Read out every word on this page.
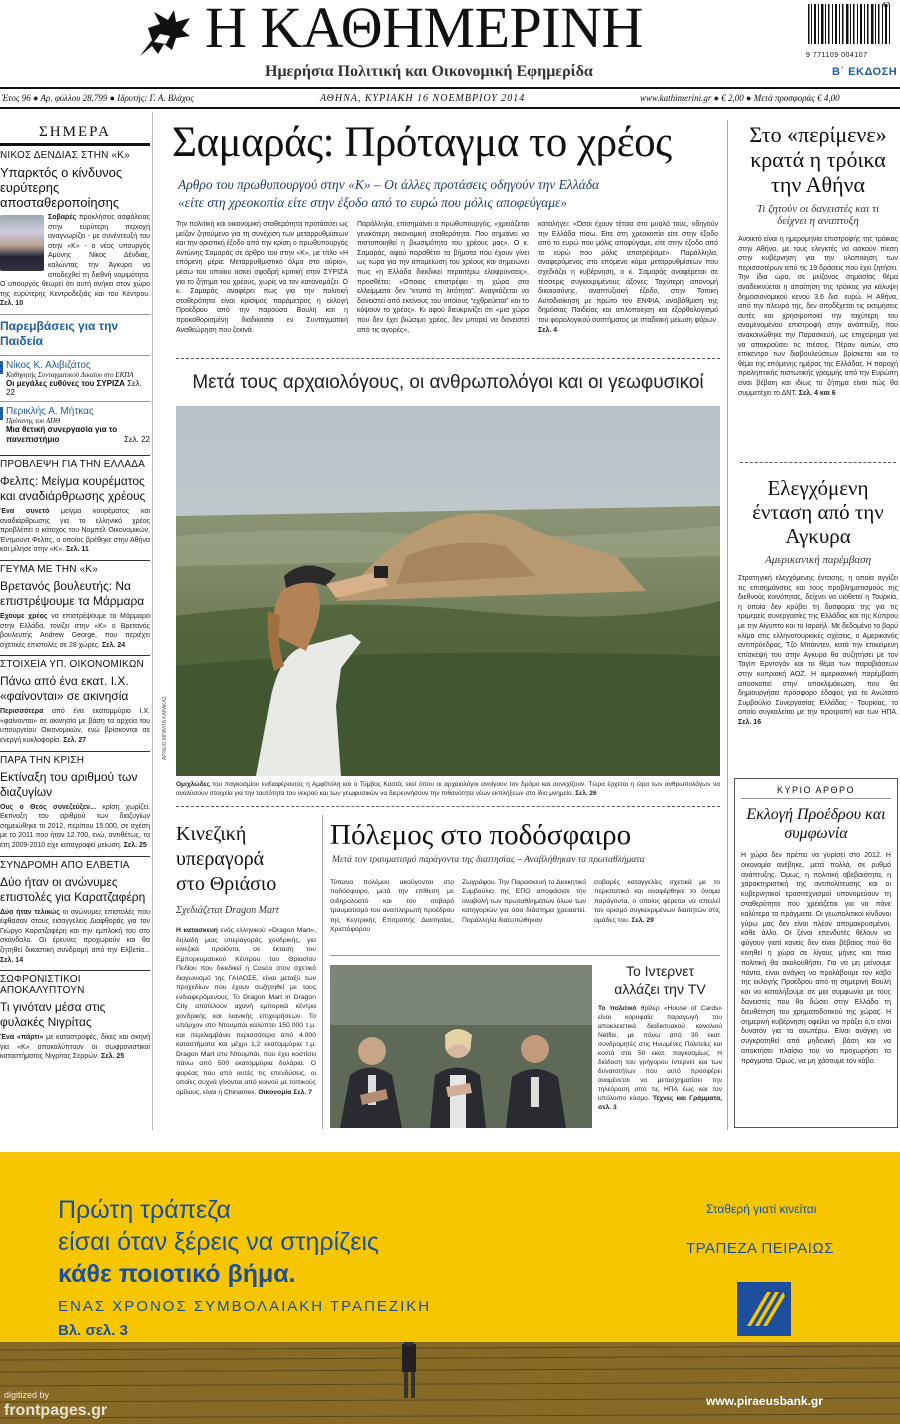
Η ΚΑΘΗΜΕΡΙΝΗ
Ημερήσια Πολιτική και Οικονομική Εφημερίδα
9 771109 004107
47
Β΄ ΕΚΔΟΣΗ
Έτος 96 ● Αρ. φύλλου 28.799 ● Ιδρυτής: Γ. Α. Βλάχος	ΑΘΗΝΑ, ΚΥΡΙΑΚΗ 16 ΝΟΕΜΒΡΙΟΥ 2014	www.kathimerini.gr ● € 2,00 ● Μετά προσφοράς € 4,00
ΣΗΜΕΡΑ
ΝΙΚΟΣ ΔΕΝΔΙΑΣ ΣΤΗΝ «Κ»
Υπαρκτός ο κίνδυνος ευρύτερης αποσταθεροποίησης

Σοβαρές προκλήσεις ασφάλειας στην ευρύτερη περιοχή αναγνωρίζει - με συνέντευξή του στην «Κ» - ο νέος υπουργός Αμύνης Νίκος Δένδιας, καλώντας την Άγκυρα να αποδεχθεί τη διεθνή νομιμότητα. Ο υπουργός θεωρεί ότι αυτή ανήκει στον χώρο της ευρύτερης Κεντροδεξιάς και του Κέντρου. Σελ. 10

Παρεμβάσεις για την Παιδεία
Νίκος Κ. Αλιβιζάτος
Καθηγητής Συνταγματικού Δικαίου στο ΕΚΠΑ
Οι μεγάλες ευθύνες του ΣΥΡΙΖΑ Σελ. 22
Περικλής Α. Μήτκας
Πρύτανης του ΑΠΘ
Μια θετική συνεργασία για το πανεπιστήμιο	Σελ. 22
ΠΡΟΒΛΕΨΗ ΓΙΑ ΤΗΝ ΕΛΛΑΔΑ
Φελπς: Μείγμα κουρέματος και αναδιάρθρωσης χρέους

Ένα συνετό μείγμα κουρέματος και αναδιάρθρωσης για το ελληνικό χρέος προβλέπει ο κάτοχος του Νομπέλ Οικονομικών, Έντμουντ Φελπς, ο οποίος βρέθηκε στην Αθήνα και μίλησε στην «Κ». Σελ. 11

ΓΕΥΜΑ ΜΕ ΤΗΝ «Κ»
Βρετανός βουλευτής: Να επιστρέψουμε τα Μάρμαρα

Εχουμε χρέος να επιστρέψουμε τα Μάρμαρα στην Ελλάδα, τονίζει στην «Κ» ο Βρετανός βουλευτής Andrew George, που περιέχει σχετικές επιστολές σε 28 χώρες. Σελ. 24

ΣΤΟΙΧΕΙΑ ΥΠ. ΟΙΚΟΝΟΜΙΚΩΝ
Πάνω από ένα εκατ. Ι.Χ. «φαίνονται» σε ακινησία

Περισσότερα από ένα εκατομμύριο Ι.Χ. «φαίνονται» σε ακινησία με βάση τα αρχεία του υπουργείου Οικονομικών, ενώ βρίσκονται σε ενεργή κυκλοφορία. Σελ. 27

ΠΑΡΑ ΤΗΝ ΚΡΙΣΗ
Εκτίναξη του αριθμού των διαζυγίων

Ους ο Θεός συνεζεύξεν... κρίση χωρίζει. Εκτίναξη του αριθμού των διαζυγίων σημειώθηκε το 2012, περίπου 15.000, σε σχέση με το 2011 που ήταν 12.700, ενώ, αντιθέτως, τα έτη 2009-2010 είχε καταγραφεί μείωση. Σελ. 25

ΣΥΝΔΡΟΜΗ ΑΠΟ ΕΛΒΕΤΙΑ
Δύο ήταν οι ανώνυμες επιστολές για Καρατζαφέρη

Δύο ήταν τελικώς οι ανώνυμες επιστολές που έφθασαν στους εισαγγελείς Διαφθοράς για τον Γιώργο Καρατζαφέρη και την εμπλοκή του στο σκάνδαλο. Οι έρευνες προχωρούν και θα ζητηθεί δικαστική συνδρομή από την Ελβετία... Σελ. 14

ΣΩΦΡΟΝΙΣΤΙΚΟΙ ΑΠΟΚΑΛΥΠΤΟΥΝ
Τι γινόταν μέσα στις φυλακές Νιγρίτας

Ένα «πάρτι» με καταστροφές, δίκες και σκηνή για «Κ» αποκαλύπτουν οι σωφρονιστικοί καταστήματος Νιγρίτας Σερρών. Σελ. 25

Σαμαράς: Πρόταγμα το χρέος
Αρθρο του πρωθυπουργού στην «Κ» – Οι άλλες προτάσεις οδηγούν την Ελλάδα
«είτε στη χρεοκοπία είτε στην έξοδο από το ευρώ που μόλις αποφεύγαμε»
Την πολιτική και οικονομική σταθερότητα προτάσσει ως μείζον ζητούμενο για τη συνέχιση των μεταρρυθμίσεων και την οριστική έξοδο από την κρίση ο πρωθυπουργός Αντώνης Σαμαράς σε άρθρο του στην «Κ», με τίτλο «Η επόμενη μέρα: Μεταρρυθμιστικό άλμα στο αύριο», μέσω του οποίου ασκεί σφοδρή κριτική στον ΣΥΡΙΖΑ για το ζήτημα του χρέους, χωρίς να τον κατονομάζει. Ο κ. Σαμαράς αναφέρει πως για την πολιτική σταθερότητα είναι κρίσιμος παράμετρος η εκλογή Προέδρου από την παρούσα Βουλή και η προκαθορισμένη διαδικασία εν Συνταγματική Αναθεώρηση που ξεκινά.
Παράλληλα, επισημαίνει ο πρωθυπουργός, «χρειάζεται γενικότερη οικονομική σταθερότητα. Που σημαίνει να πιστοποιηθεί η βιωσιμότητα του χρέους μας». Ο κ. Σαμαράς, αφού παραθέτει τα βήματα που έχουν γίνει ως τώρα για την απομείωση του χρέους και σημειώνει πως «η Ελλάδα διεκδικεί περαιτέρω ελαφρύνσεις», προσθέτει: «Οποιος επιστρέφει τη χώρα στα ελλείμματα δεν “κτυπά τη λιτότητα”. Αναγκάζεται να δανειστεί από εκείνους του οποίους “εχθρεύεται” και το κόψουν το χρέος». Κι αφού διευκρινίζει ότι «μια χώρα που δεν έχει βιώσιμο χρέος, δεν μπορεί να δανειστεί από τις αγορές»,

καταλήγει: «Οσοι έχουν τέτοια στο μυαλό τους, οδηγούν την Ελλάδα πίσω. Είτε στη χρεοκοπία είτε στην έξοδο από το ευρώ που μόλις αποφύγαμε, είτε στην έξοδο από το ευρώ που μόλις αποτρέψαμε». Παράλληλα, αναφερόμενος στο επόμενο κύμα μεταρρυθμίσεων που σχεδιάζει η κυβέρνηση, ο κ. Σαμαράς αναφέρεται σε τέσσερις συγκεκριμένους άξονες: Ταχύτερη απονομή δικαιοσύνης, αναπτυξιακή έξοδο, στην Τοπική Αυτοδιοίκηση με πρώτο τον ΕΝΦΙΑ, αναβάθμιση της δημόσιας Παιδείας και απλοποίηση και εξορθολογισμό του φορολογικού συστήματος με σταδιακή μείωση φόρων. Σελ. 4

Μετά τους αρχαιολόγους, οι ανθρωπολόγοι και οι γεωφυσικοί
ΑΡΧΕΙΟ ΜΠΑΛΤΑ ΚΑΡΑΚΑΣ
Ομιχλώδες του παγκοσμίου ενδιαφέροντος η Αμφίπολη και ο Τύμβος Καστά, εκεί όπου οι αρχαιολόγοι ανοίγουν τον δρόμο και συνεχίζουν. Τώρα έρχεται η ώρα των ανθρωπολόγων να αναλύσουν στοιχεία για την ταυτότητα του νεκρού και των γεωφυσικών να διερευνήσουν την πιθανότητα νέων εκπλήξεων στο ίδιο μνημείο. Σελ. 26
Στο «περίμενε» κρατά η τρόικα την Αθήνα
Τι ζητούν οι δανειστές και τι δείχνει η αναπτυξη

Ανοικτό είναι η ημερομηνία επιστροφής της τρόικας στην Αθήνα, με τους ελεγκτές να ασκούν πίεση στην κυβέρνηση για την υλοποίηση των περισσοτέρων από τις 19 δράσεις που έχει ζητήσει. Την ίδια ώρα, σε μείζονος σημασίας θέμα αναδεικνύεται η απαίτηση της τρόικας για κάλυψη δημοσιονομικού κενού 3,6 δισ. ευρώ. Η Αθήνα, από την πλευρά της, δεν αποδέχεται τις εκτιμήσεις αυτές και χρησιμοποιεί την ταχύτερη του αναμενομένου επιστροφή στην ανάπτυξη, που ανακοινώθηκε την Παρασκευή, ως επιχείρημα για να αποκρούσει τις πιέσεις. Πέραν αυτών, στο επίκεντρο των διαβουλεύσεων βρίσκεται και το θέμα της επόμενης ημέρας της Ελλάδας. Η παροχή προληπτικής πιστωτικής γραμμής από την Ευρώπη είναι βέβαιη και ιδίως το ζήτημα είναι πώς θα συμμετέχει το ΔΝΤ. Σελ. 4 και 6

Ελεγχόμενη ένταση από την Αγκυρα
Αμερικανική παρέμβαση

Στρατηγική ελεγχόμενης έντασης, η οποία αγγίζει τις επισημάνσεις και τους προβληματισμούς της διεθνούς κοινότητας, δείχνει να υιοθετεί η Τουρκία, η οποία δεν κρύβει τη δυσφορία της για τις τριμερείς συνεργασίες της Ελλάδας και της Κύπρου με την Αίγυπτο και το Ισραήλ. Με δεδομένο το βαρύ κλίμα στις ελληνοτουρκικές σχέσεις, ο Αμερικανός αντιπρόεδρος, Τζο Μπάιντεν, κατά την επικείμενη επίσκεψή του στην Αγκυρα θα συζητήσει με τον Ταγίπ Ερντογάν και το θέμα των παραβιάσεων στην κυπριακή ΑΟΖ. Η αμερικανική παρέμβαση αποσκοπεί στην αποκλιμάκωση, που θα δημιουργήσει πρόσφορο έδαφος για το Ανώτατο Συμβούλιο Συνεργασίας Ελλάδας - Τουρκίας, το οποίο συγκαλείται με την προτροπή και των ΗΠΑ. Σελ. 16

ΚΥΡΙΟ ΑΡΘΡΟ
Εκλογή Προέδρου και συμφωνία

Η χώρα δεν πρέπει να γυρίσει στο 2012. Η οικονομία ανέβηκε, μετά πολλά, σε ρυθμό ανάπτυξης. Όμως, η πολιτική αβεβαιότητα, η χαρακτηριστική της αντιπολίτευσης και οι κυβερνητικοί ερασιτεχνισμοί υπονομεύουν τη σταθερότητα που χρειάζεται για να πάνε καλύτερα τα πράγματα. Οι γεωπολιτικοί κίνδυνοι γύρω μας δεν είναι πλέον απομακρυσμένοι, κάθε άλλο. Οι ξένοι επενδυτές θέλουν να φύγουν γιατί κανείς δεν είναι βέβαιος πού θα κινηθεί η χώρα σε λίγους μήνες και ποια πολιτική θα ακολουθήσει. Για να μη μείνουμε πάντα, είναι ανάγκη να προλάβουμε τον κάβο της εκλογής Προέδρου από τη σημερινή Βουλή και να καταλήξουμε σε μια συμφωνία με τους δανειστές που θα δώσει στην Ελλάδα τη διευθέτηση του χρηματοδοτικού της χώρας. Η σημερινή κυβέρνηση οφείλει να πράξει ό,τι είναι δυνατόν για τα ανωτέρω. Είναι ανάγκη να συγκροτηθεί από μηδενική βάση και να αποκτήσει πλαίσιο του να προχωρήσει τα πράγματα. Όμως, να μη χάσουμε τον κάβο.

Κινεζική υπεραγορά στο Θριάσιο
Σχεδιάζεται Dragon Mart

Η κατασκευή ενός ελληνικού «Dragon Mart», δηλαδή μιας υπεραγοράς χονδρικής, για κινεζικά προϊόντα, σε έκταση του Εμπορευματικού Κέντρου του Θριασίου Πεδίου που διεκδικεί η Cosco στον σχετικό διαγωνισμό της ΓΑΙΑΟΣΕ, είναι μεταξύ των προχεδίων που έχουν συζητηθεί με τους ενδιαφερόμενους. Το Dragon Mart in Dragon City αποτελούν αχανή εμπορικά κέντρα χονδρικής και λιανικής επιχειρήσεων. Το υπάρχον στο Ντουμπάι καλύπτει 150.000 τ.μ. και περιλαμβάνει περισσότερα από 4.000 καταστήματα και μέχρι 1,2 εκατομμύρια τ.μ. Dragon Mart στο Ντουμπάι, που έχει κοστίσει πάνω από 500 εκατομμύρια δολάρια. Ο φορέας που από αυτές τις επενδύσεις, οι οποίες συχνά γίνονται από κοινού με τοπικούς ομίλους, είναι η Chinamex. Οικονομία Σελ. 7

Πόλεμος στο ποδόσφαιρο
Μετά τον τραυματισμό παράγοντα της διαιτησίας – Αναβλήθηκαν τα πρωταθλήματα
Τύπανα πολέμου ακούγονται στο ποδόσφαιρο, μετά την επίθεση με σιδηρολοστό και τον σοβαρό τραυματισμό του αναπληρωτή προέδρου της Κεντρικής Επιτροπής Διαιτησίας, Χριστόφορου
Ζωγράφου. Την Παρασκευή το Διοικητικό Συμβούλιο της ΕΠΟ αποφάσισε την αναβολή των πρωταθλημάτων όλων των κατηγοριών για όσο διάστημα χρειαστεί. Παράλληλα διατυπώθηκαν
σοβαρές καταγγελίες σχετικά με το περιστατικό και αναφέρθηκε το όνομα παράγοντα, ο οποίος φέρεται να απειλεί τον ορισμό συγκεκριμένων διαιτητών στις ομάδες του. Σελ. 29
Το Ιντερνετ αλλάζει την TV

Το πολιτικό θρίλερ «House of Cards» είναι κορυφαία παραγωγή του αποκλειστικά διαδικτυακού καναλιού Netflix, με πάνω από 30 εκατ. συνδρομητές στις Ηνωμένες Πολιτείες και κοντά στα 50 εκατ. παγκοσμίως. Η διάδοση του γρήγορου Ιντερνετ και των δυνατοτήτων που αυτό προσφέρει αναμένεται να μετασχηματίσει την τηλεόραση από τις ΗΠΑ έως και τον υπόλοιπο κόσμο. Τέχνες και Γράμματα, σελ. 3

Πρώτη τράπεζα
είσαι όταν ξέρεις να στηρίζεις
κάθε ποιοτικό βήμα.
ΕΝΑΣ ΧΡΟΝΟΣ ΣΥΜΒΟΛΑΙΑΚΗ ΤΡΑΠΕΖΙΚΗ
Βλ. σελ. 3
Σταθερή γιατί κινείται
ΤΡΑΠΕΖΑ ΠΕΙΡΑΙΩΣ
www.piraeusbank.gr
digitized by
frontpages.gr
